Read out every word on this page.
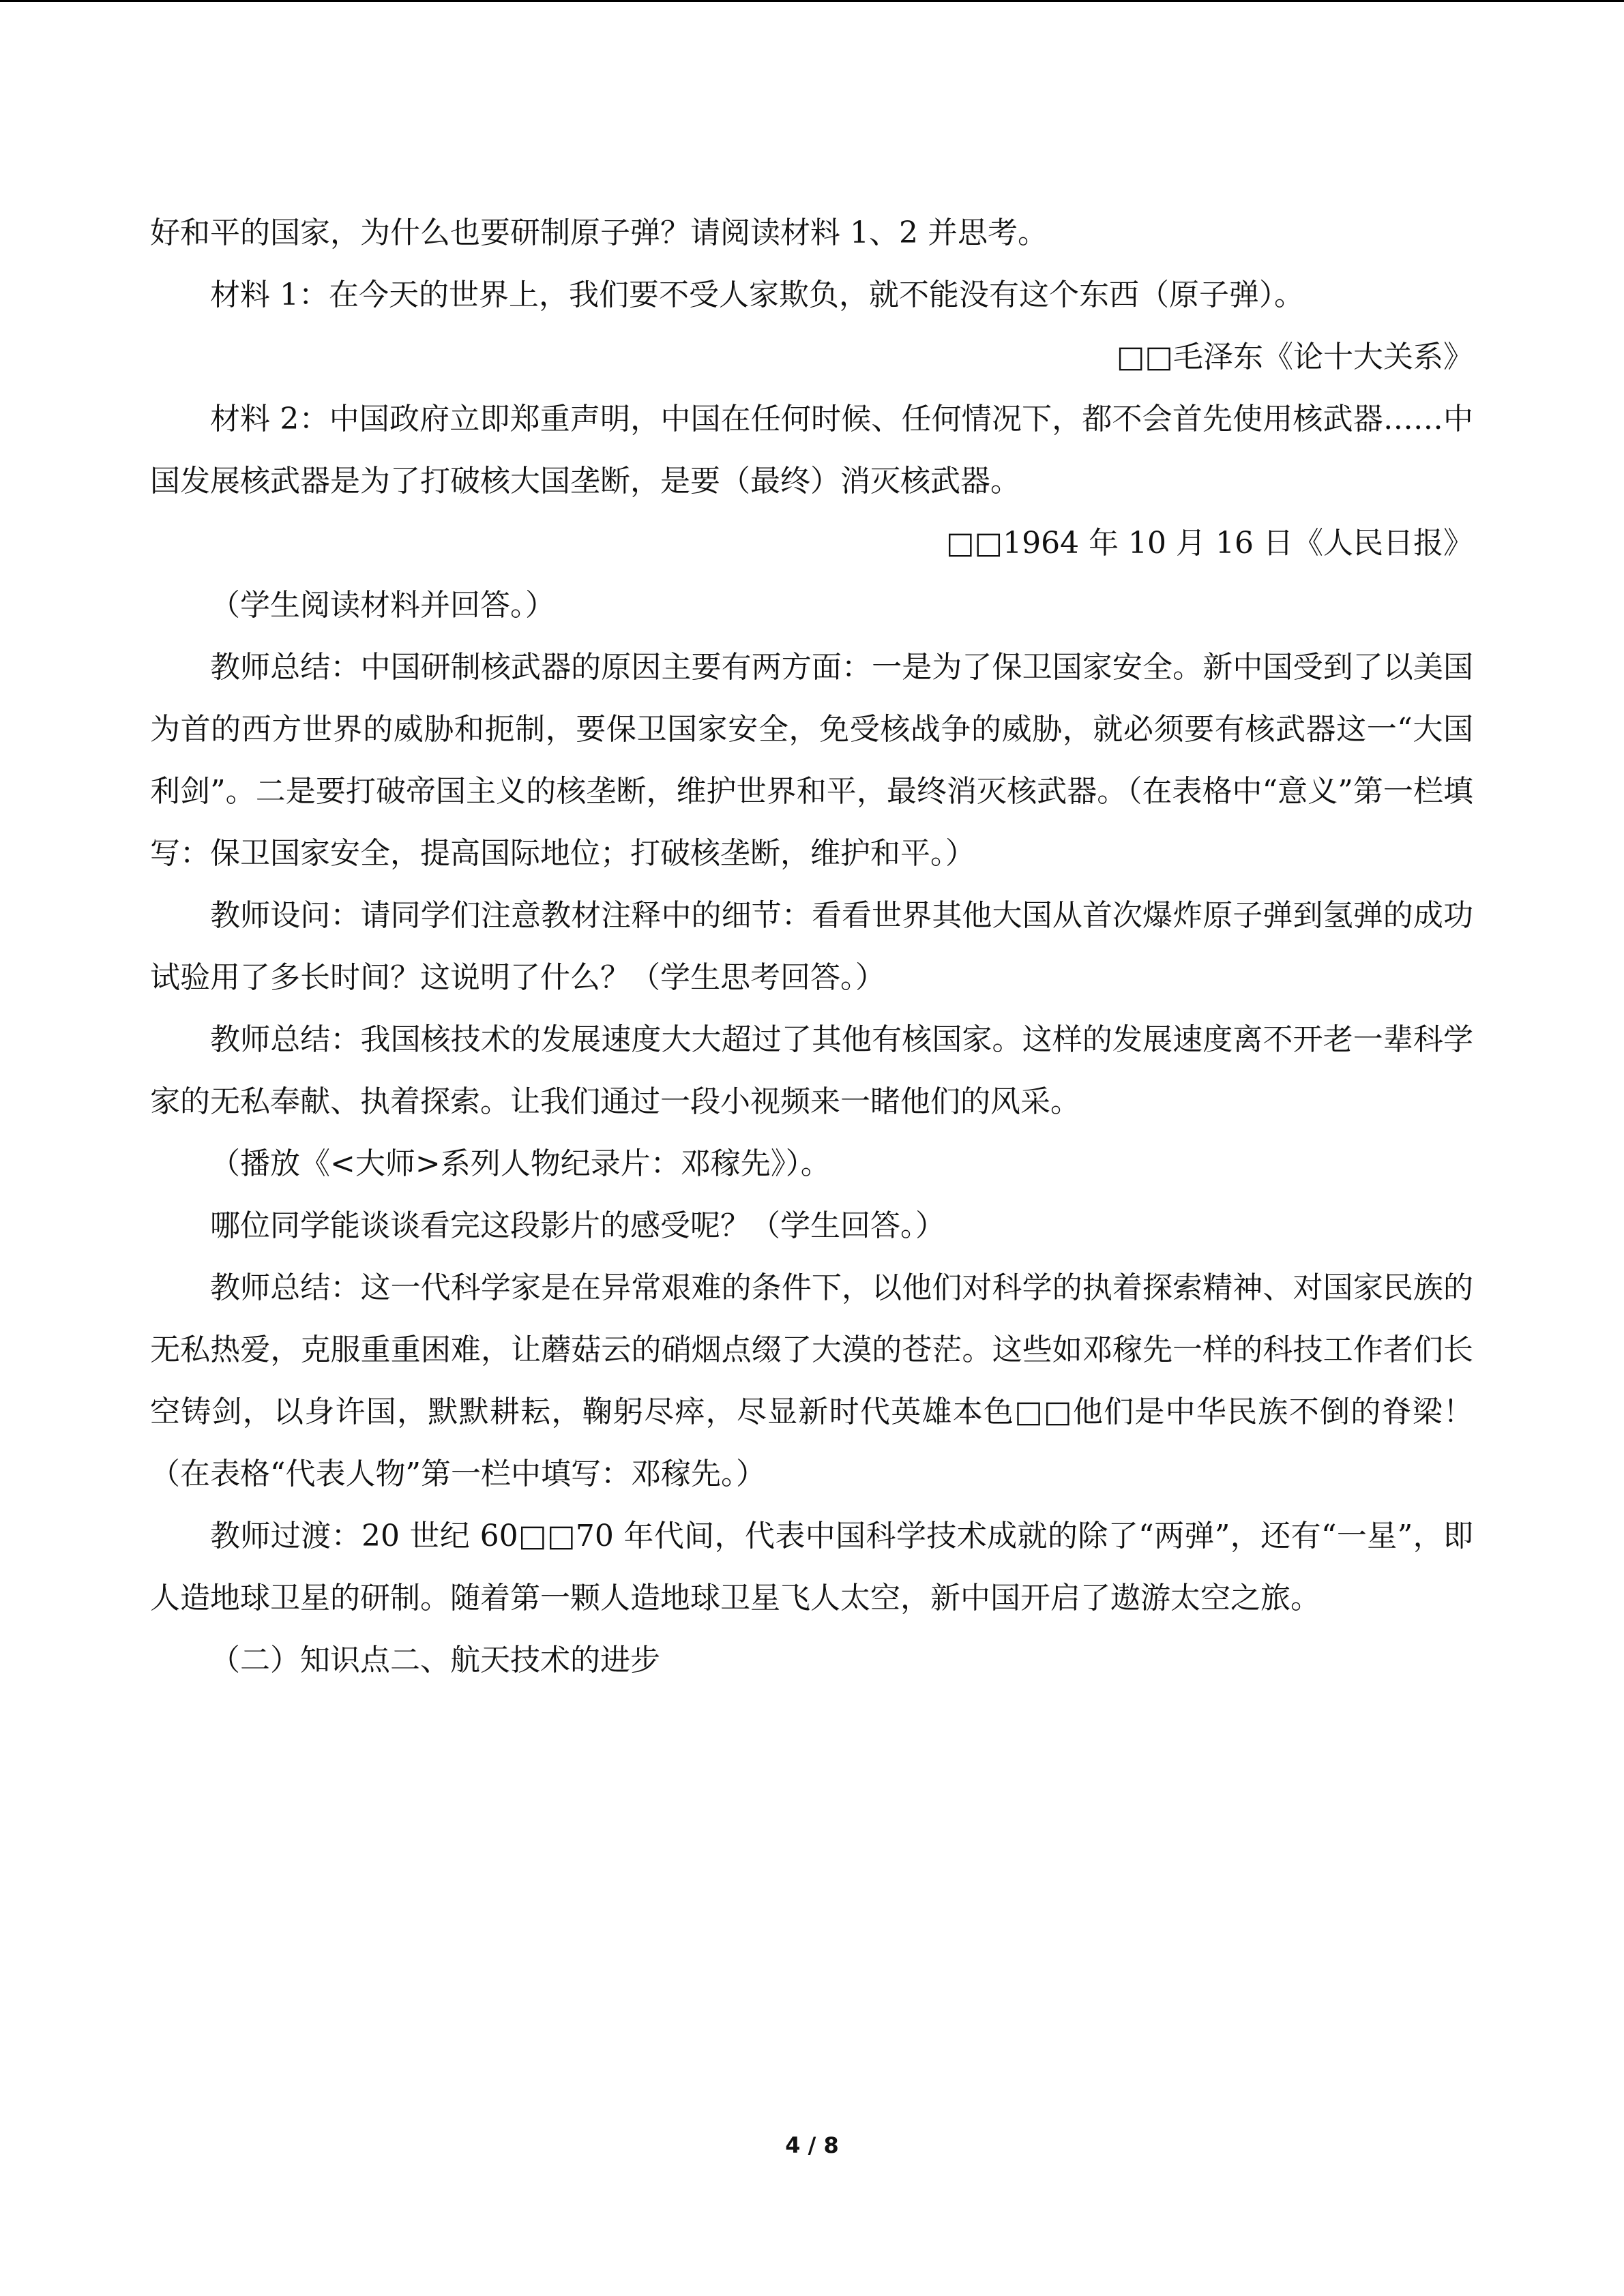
好和平的国家，为什么也要研制原子弹？请阅读材料 1、2 并思考。

材料 1：在今天的世界上，我们要不受人家欺负，就不能没有这个东西（原子弹）。

□□毛泽东《论十大关系》

材料 2：中国政府立即郑重声明，中国在任何时候、任何情况下，都不会首先使用核武器……中国发展核武器是为了打破核大国垄断，是要（最终）消灭核武器。

□□1964 年 10 月 16 日《人民日报》

（学生阅读材料并回答。）

教师总结：中国研制核武器的原因主要有两方面：一是为了保卫国家安全。新中国受到了以美国为首的西方世界的威胁和扼制，要保卫国家安全，免受核战争的威胁，就必须要有核武器这一“大国利剑”。二是要打破帝国主义的核垄断，维护世界和平，最终消灭核武器。（在表格中“意义”第一栏填写：保卫国家安全，提高国际地位；打破核垄断，维护和平。）

教师设问：请同学们注意教材注释中的细节：看看世界其他大国从首次爆炸原子弹到氢弹的成功试验用了多长时间？这说明了什么？（学生思考回答。）

教师总结：我国核技术的发展速度大大超过了其他有核国家。这样的发展速度离不开老一辈科学家的无私奉献、执着探索。让我们通过一段小视频来一睹他们的风采。

（播放《<大师>系列人物纪录片：邓稼先》）。

哪位同学能谈谈看完这段影片的感受呢？（学生回答。）

教师总结：这一代科学家是在异常艰难的条件下，以他们对科学的执着探索精神、对国家民族的无私热爱，克服重重困难，让蘑菇云的硝烟点缀了大漠的苍茫。这些如邓稼先一样的科技工作者们长空铸剑，以身许国，默默耕耘，鞠躬尽瘁，尽显新时代英雄本色□□他们是中华民族不倒的脊梁！（在表格“代表人物”第一栏中填写：邓稼先。）

教师过渡：20 世纪 60□□70 年代间，代表中国科学技术成就的除了“两弹”，还有“一星”，即人造地球卫星的研制。随着第一颗人造地球卫星飞人太空，新中国开启了遨游太空之旅。

（二）知识点二、航天技术的进步

4 / 8
